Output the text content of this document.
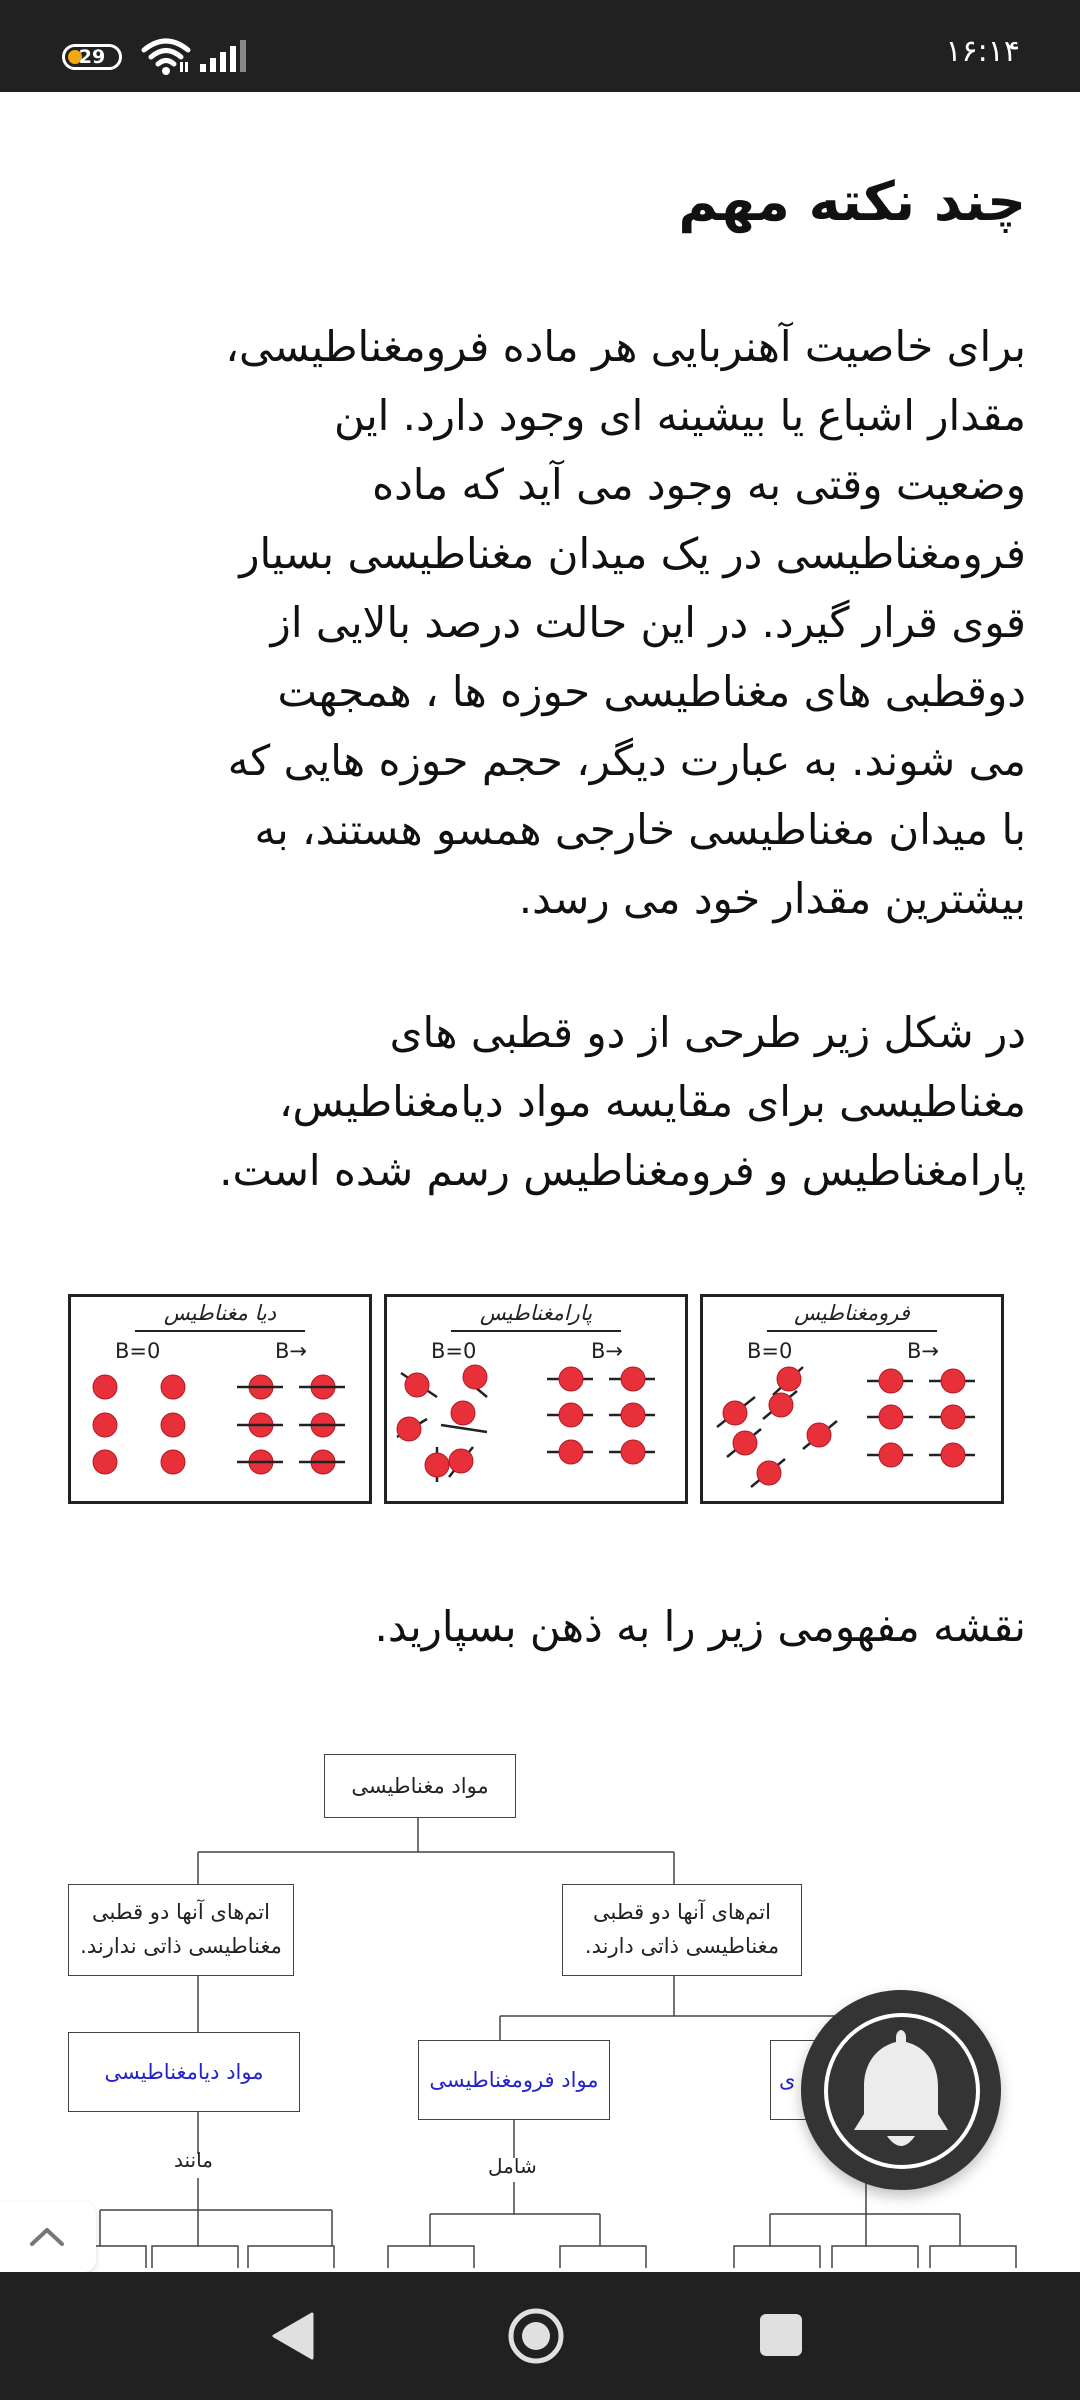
29	۱۶:۱۴
چند نکته مهم

برای خاصیت آهنربایی هر ماده فرومغناطیسی،
مقدار اشباع یا بیشینه ای وجود دارد. این
وضعیت وقتی به وجود می آید که ماده
فرومغناطیسی در یک میدان مغناطیسی بسیار
قوی قرار گیرد. در این حالت درصد بالایی از
دوقطبی های مغناطیسی حوزه ها ، همجهت
می شوند. به عبارت دیگر، حجم حوزه هایی که
با میدان مغناطیسی خارجی همسو هستند، به
بیشترین مقدار خود می رسد.

در شکل زیر طرحی از دو قطبی های
مغناطیسی برای مقایسه مواد دیامغناطیس،
پارامغناطیس و فرومغناطیس رسم شده است.

نقشه مفهومی زیر را به ذهن بسپارید.

دیا مغناطیس
B=0	B→
پارامغناطیس
B=0	B→
فرومغناطیس
B=0	B→
مواد مغناطیسی
اتم‌های آنها دو قطبی
مغناطیسی ذاتی ندارند.
اتم‌های آنها دو قطبی
مغناطیسی ذاتی دارند.
مواد دیامغناطیسی	مواد فرومغناطیسی	ی
مانند	شامل
